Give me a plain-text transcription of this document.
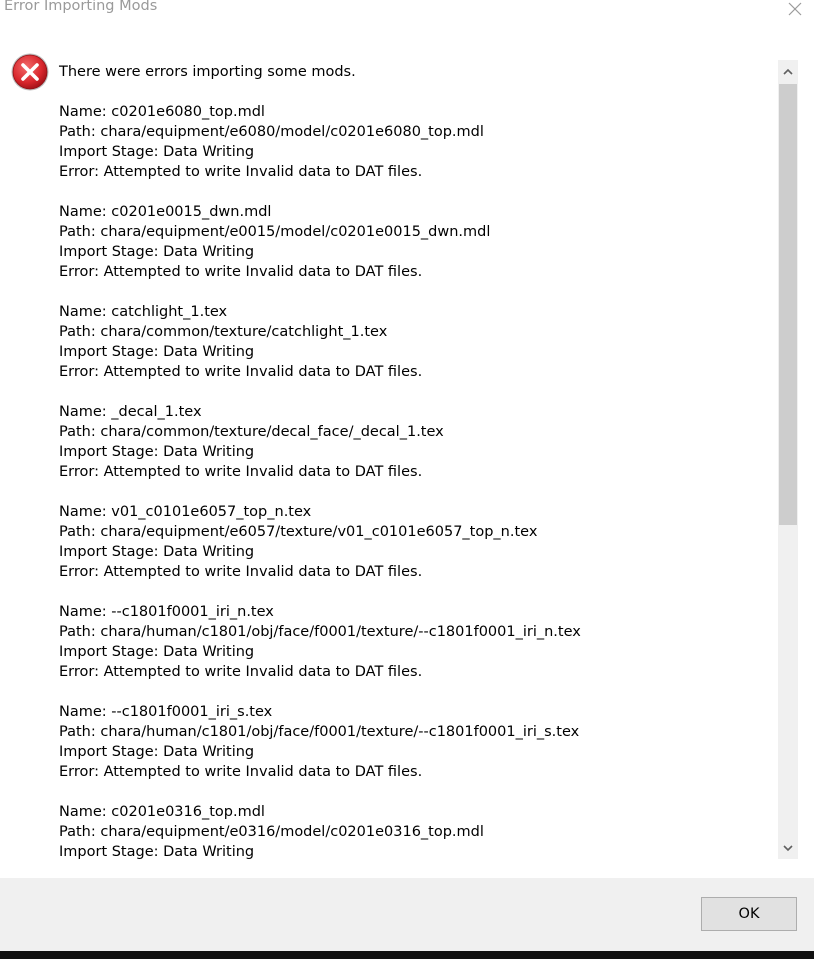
Error Importing Mods
There were errors importing some mods.
Name: c0201e6080_top.mdl
Path: chara/equipment/e6080/model/c0201e6080_top.mdl
Import Stage: Data Writing
Error: Attempted to write Invalid data to DAT files.
Name: c0201e0015_dwn.mdl
Path: chara/equipment/e0015/model/c0201e0015_dwn.mdl
Import Stage: Data Writing
Error: Attempted to write Invalid data to DAT files.
Name: catchlight_1.tex
Path: chara/common/texture/catchlight_1.tex
Import Stage: Data Writing
Error: Attempted to write Invalid data to DAT files.
Name: _decal_1.tex
Path: chara/common/texture/decal_face/_decal_1.tex
Import Stage: Data Writing
Error: Attempted to write Invalid data to DAT files.
Name: v01_c0101e6057_top_n.tex
Path: chara/equipment/e6057/texture/v01_c0101e6057_top_n.tex
Import Stage: Data Writing
Error: Attempted to write Invalid data to DAT files.
Name: --c1801f0001_iri_n.tex
Path: chara/human/c1801/obj/face/f0001/texture/--c1801f0001_iri_n.tex
Import Stage: Data Writing
Error: Attempted to write Invalid data to DAT files.
Name: --c1801f0001_iri_s.tex
Path: chara/human/c1801/obj/face/f0001/texture/--c1801f0001_iri_s.tex
Import Stage: Data Writing
Error: Attempted to write Invalid data to DAT files.
Name: c0201e0316_top.mdl
Path: chara/equipment/e0316/model/c0201e0316_top.mdl
Import Stage: Data Writing
OK
